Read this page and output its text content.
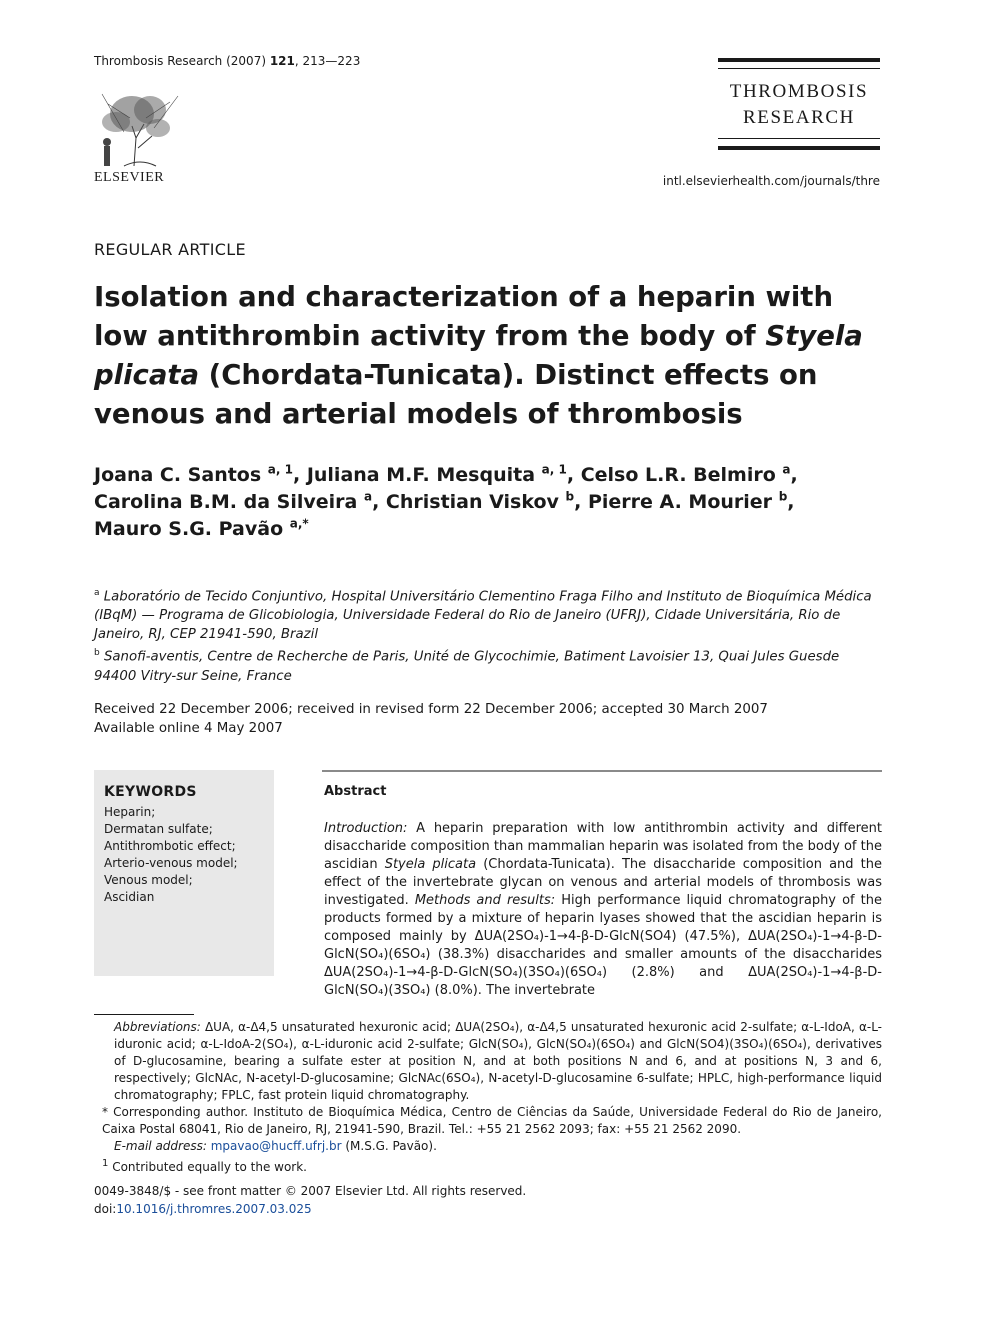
Thrombosis Research (2007) 121, 213—223
ELSEVIER
THROMBOSIS
RESEARCH
intl.elsevierhealth.com/journals/thre
REGULAR ARTICLE
Isolation and characterization of a heparin with low antithrombin activity from the body of Styela plicata (Chordata-Tunicata). Distinct effects on venous and arterial models of thrombosis
Joana C. Santos $^{a, 1}$, Juliana M.F. Mesquita $^{a, 1}$, Celso L.R. Belmiro $^a$,
Carolina B.M. da Silveira $^a$, Christian Viskov $^b$, Pierre A. Mourier $^b$,
Mauro S.G. Pavão $^{a,*}$
$^a$ Laboratório de Tecido Conjuntivo, Hospital Universitário Clementino Fraga Filho and Instituto de Bioquímica Médica (IBqM) — Programa de Glicobiologia, Universidade Federal do Rio de Janeiro (UFRJ), Cidade Universitária, Rio de Janeiro, RJ, CEP 21941-590, Brazil
$^b$ Sanofi-aventis, Centre de Recherche de Paris, Unité de Glycochimie, Batiment Lavoisier 13, Quai Jules Guesde 94400 Vitry-sur Seine, France
Received 22 December 2006; received in revised form 22 December 2006; accepted 30 March 2007
Available online 4 May 2007
KEYWORDS
Heparin;
Dermatan sulfate;
Antithrombotic effect;
Arterio-venous model;
Venous model;
Ascidian
Abstract
Introduction: A heparin preparation with low antithrombin activity and different disaccharide composition than mammalian heparin was isolated from the body of the ascidian Styela plicata (Chordata-Tunicata). The disaccharide composition and the effect of the invertebrate glycan on venous and arterial models of thrombosis was investigated. Methods and results: High performance liquid chromatography of the products formed by a mixture of heparin lyases showed that the ascidian heparin is composed mainly by ΔUA(2SO₄)-1→4-β-D-GlcN(SO4) (47.5%), ΔUA(2SO₄)-1→4-β-D-GlcN(SO₄)(6SO₄) (38.3%) disaccharides and smaller amounts of the disaccharides ΔUA(2SO₄)-1→4-β-D-GlcN(SO₄)(3SO₄)(6SO₄) (2.8%) and ΔUA(2SO₄)-1→4-β-D-GlcN(SO₄)(3SO₄) (8.0%). The invertebrate
Abbreviations: ΔUA, α-Δ4,5 unsaturated hexuronic acid; ΔUA(2SO₄), α-Δ4,5 unsaturated hexuronic acid 2-sulfate; α-L-IdoA, α-L-iduronic acid; α-L-IdoA-2(SO₄), α-L-iduronic acid 2-sulfate; GlcN(SO₄), GlcN(SO₄)(6SO₄) and GlcN(SO4)(3SO₄)(6SO₄), derivatives of D-glucosamine, bearing a sulfate ester at position N, and at both positions N and 6, and at positions N, 3 and 6, respectively; GlcNAc, N-acetyl-D-glucosamine; GlcNAc(6SO₄), N-acetyl-D-glucosamine 6-sulfate; HPLC, high-performance liquid chromatography; FPLC, fast protein liquid chromatography.
* Corresponding author. Instituto de Bioquímica Médica, Centro de Ciências da Saúde, Universidade Federal do Rio de Janeiro, Caixa Postal 68041, Rio de Janeiro, RJ, 21941-590, Brazil. Tel.: +55 21 2562 2093; fax: +55 21 2562 2090.
E-mail address: mpavao@hucff.ufrj.br (M.S.G. Pavão).
$^1$ Contributed equally to the work.
0049-3848/$ - see front matter © 2007 Elsevier Ltd. All rights reserved.
doi:10.1016/j.thromres.2007.03.025
